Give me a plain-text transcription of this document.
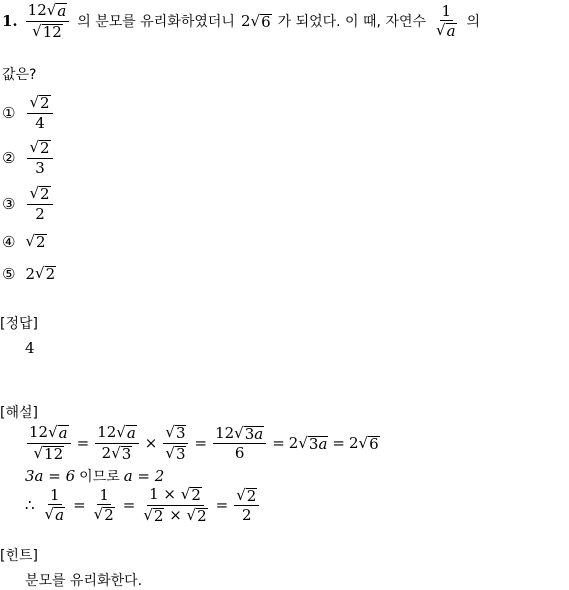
1. $\frac{12 √ a}{√ 12}$ 의 분모를 유리화하였더니 2 √ 6 가 되었다. 이 때, 자연수 $\frac{1}{√ a}$ 의
값은?
① $\frac{√ 2}{4}$
② $\frac{√ 2}{3}$
③ $\frac{√ 2}{2}$
④ √ 2
⑤ 2 √ 2
[정답]
4
[해설]
$\frac{12 √ a}{√ 12} = \frac{12 √ a}{2 √ 3} \times \frac{√ 3}{√ 3} = \frac{12 √ 3a}{6} = 2$ √ 3a = 2 √ 6
3a = 6 이므로 a = 2
∴ $\frac{1}{√ a} = \frac{1}{√ 2} = \frac{1 \times √ 2}{√ 2 \times √ 2} = \frac{√ 2}{2}$
[힌트]
분모를 유리화한다.
